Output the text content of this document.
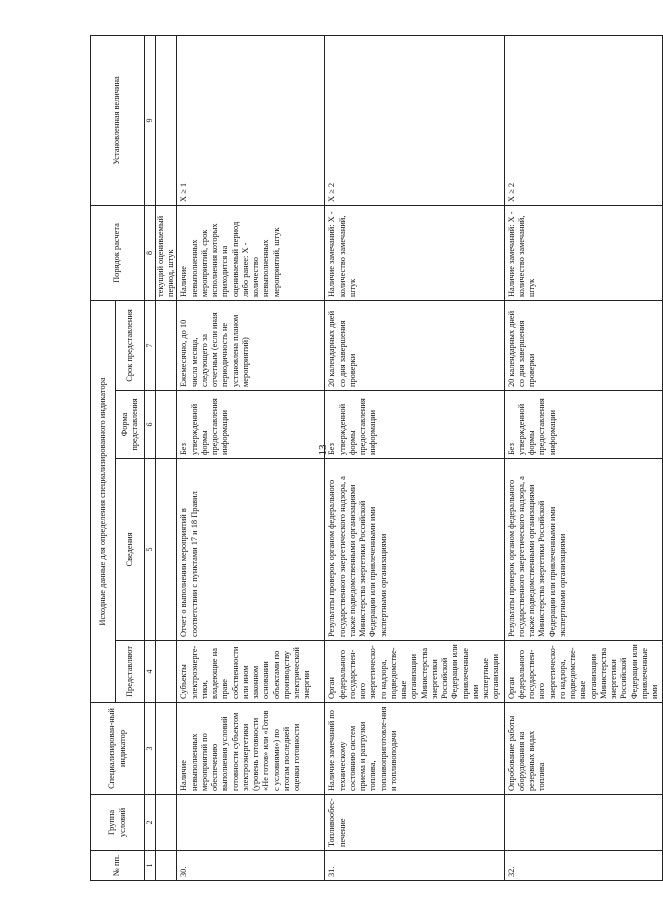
13
№ пп.	Группа условий	Специализирован-ный индикатор	Исходные данные для определения специализированного индикатора				Порядок расчета	Установленная величина
			Представляют	Сведения	Форма представления	Срок представления		
1	2	3	4	5	6	7	8	9
							текущий оцениваемый период, штук	
30.		Наличие невыполненных мероприятий по обеспечению выполнения условий готовности субъектом электроэнергетики (уровень готовности «Не готов» или «Готов с условиями») по итогам последней оценки готовности	Субъекты электроэнерге-тики, владеющие на праве собственности или ином законном основании объектами по производству электрической энергии	Отчет о выполнении мероприятий в соответствии с пунктами 17 и 18 Правил	Без утвержденной формы предоставления информации	Ежемесячно, до 10 числа месяца, следующего за отчетным (если иная периодичность не установлена планом мероприятий)	Наличие невыполненных мероприятий, срок исполнения которых приходится на оцениваемый период либо ранее: X - количество невыполненных мероприятий, штук	X ≥ 1
31.	Топливообес-печение	Наличие замечаний по техническому состоянию систем приема и разгрузки топлива, топливоприготовле-ния и топливоподачи	Орган федерального государствен-ного энергетическо-го надзора, подведомстве-нные организации Министерства энергетики Российской Федерации или привлеченные ими экспертные организации	Результаты проверок органом федерального государственного энергетического надзора, а также подведомственными организациями Министерства энергетики Российской Федерации или привлеченными ими экспертными организациями	Без утвержденной формы предоставления информации	20 календарных дней со дня завершения проверки	Наличие замечаний: X - количество замечаний, штук	X ≥ 2
32.		Опробование работы оборудования на резервных видах топлива	Орган федерального государствен-ного энергетическо-го надзора, подведомстве-нные организации Министерства энергетики Российской Федерации или привлеченные ими	Результаты проверок органом федерального государственного энергетического надзора, а также подведомственными организациями Министерства энергетики Российской Федерации или привлеченными ими экспертными организациями	Без утвержденной формы предоставления информации	20 календарных дней со дня завершения проверки	Наличие замечаний: X - количество замечаний, штук	X ≥ 2
